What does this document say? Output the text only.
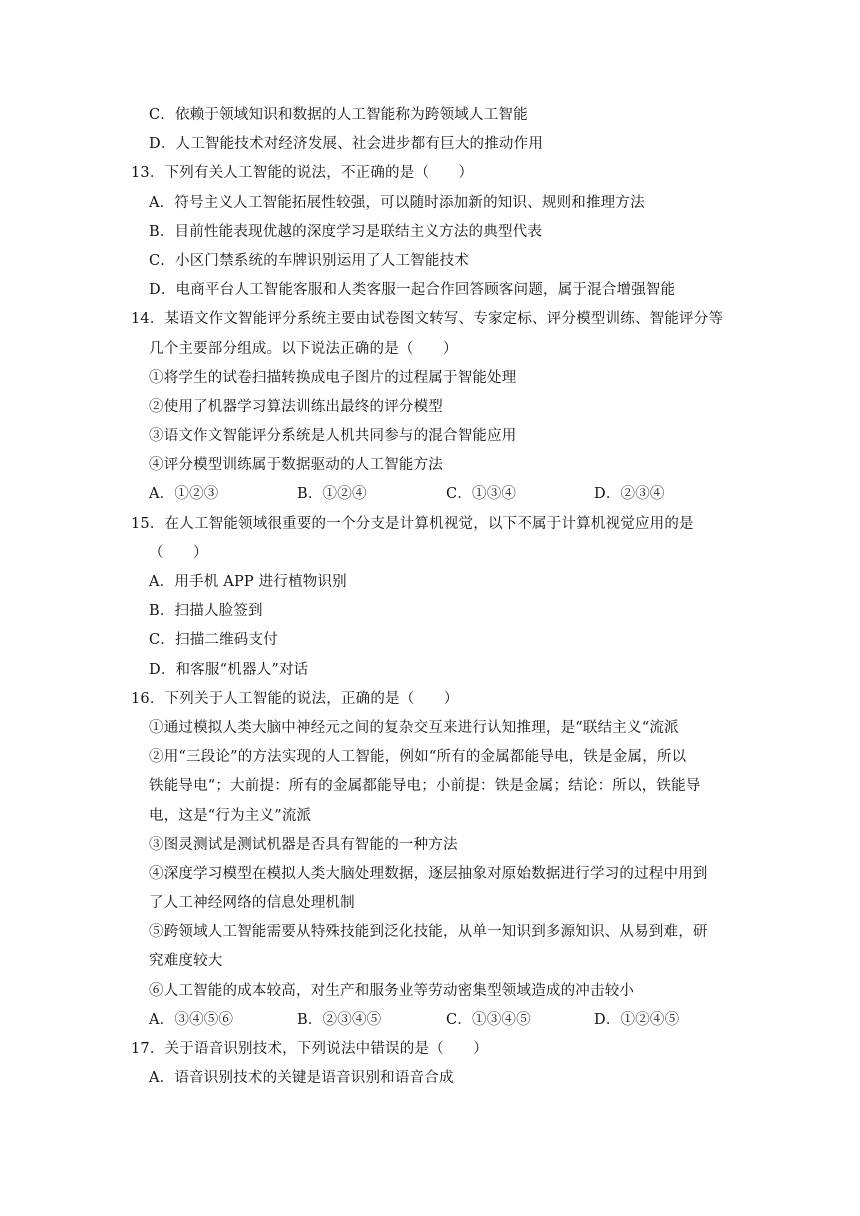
C．依赖于领域知识和数据的人工智能称为跨领域人工智能
D．人工智能技术对经济发展、社会进步都有巨大的推动作用
13．下列有关人工智能的说法，不正确的是（　　）
A．符号主义人工智能拓展性较强，可以随时添加新的知识、规则和推理方法
B．目前性能表现优越的深度学习是联结主义方法的典型代表
C．小区门禁系统的车牌识别运用了人工智能技术
D．电商平台人工智能客服和人类客服一起合作回答顾客问题，属于混合增强智能
14．某语文作文智能评分系统主要由试卷图文转写、专家定标、评分模型训练、智能评分等
几个主要部分组成。以下说法正确的是（　　）
①将学生的试卷扫描转换成电子图片的过程属于智能处理
②使用了机器学习算法训练出最终的评分模型
③语文作文智能评分系统是人机共同参与的混合智能应用
④评分模型训练属于数据驱动的人工智能方法
A．①②③	B．①②④	C．①③④	D．②③④
15．在人工智能领域很重要的一个分支是计算机视觉，以下不属于计算机视觉应用的是
（　　）
A．用手机 APP 进行植物识别
B．扫描人脸签到
C．扫描二维码支付
D．和客服“机器人”对话
16．下列关于人工智能的说法，正确的是（　　）
①通过模拟人类大脑中神经元之间的复杂交互来进行认知推理，是“联结主义“流派
②用“三段论”的方法实现的人工智能，例如“所有的金属都能导电，铁是金属，所以
铁能导电“；大前提：所有的金属都能导电；小前提：铁是金属；结论：所以，铁能导
电，这是“行为主义”流派
③图灵测试是测试机器是否具有智能的一种方法
④深度学习模型在模拟人类大脑处理数据，逐层抽象对原始数据进行学习的过程中用到
了人工神经网络的信息处理机制
⑤跨领域人工智能需要从特殊技能到泛化技能，从单一知识到多源知识、从易到难，研
究难度较大
⑥人工智能的成本较高，对生产和服务业等劳动密集型领域造成的冲击较小
A．③④⑤⑥	B．②③④⑤	C．①③④⑤	D．①②④⑤
17．关于语音识别技术，下列说法中错误的是（　　）
A．语音识别技术的关键是语音识别和语音合成
